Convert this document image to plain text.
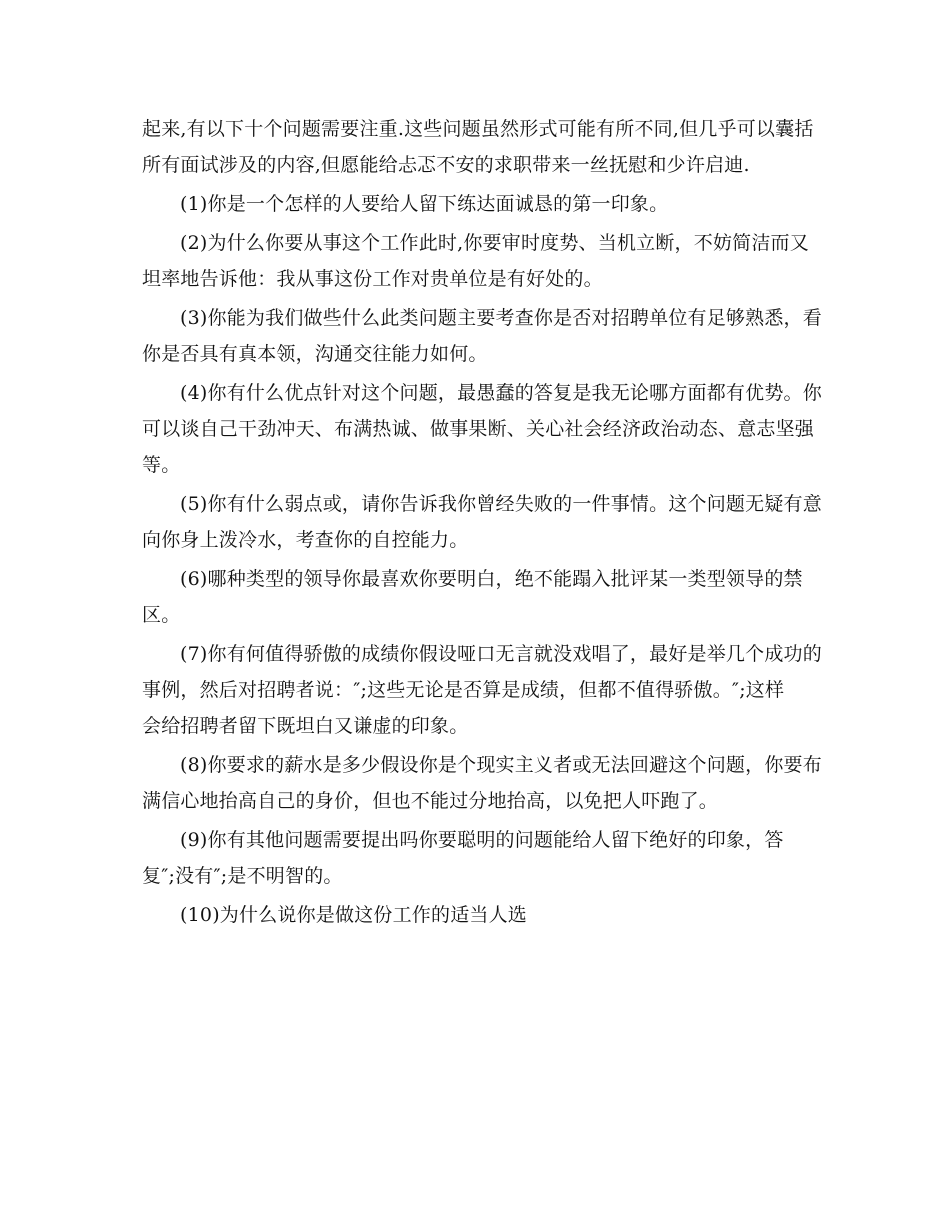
起来,有以下十个问题需要注重.这些问题虽然形式可能有所不同,但几乎可以囊括
所有面试涉及的内容,但愿能给忐忑不安的求职带来一丝抚慰和少许启迪.
(1)你是一个怎样的人要给人留下练达面诚恳的第一印象。
(2)为什么你要从事这个工作此时,你要审时度势、当机立断，不妨简洁而又
坦率地告诉他：我从事这份工作对贵单位是有好处的。
(3)你能为我们做些什么此类问题主要考查你是否对招聘单位有足够熟悉，看
你是否具有真本领，沟通交往能力如何。
(4)你有什么优点针对这个问题，最愚蠢的答复是我无论哪方面都有优势。你
可以谈自己干劲冲天、布满热诚、做事果断、关心社会经济政治动态、意志坚强
等。
(5)你有什么弱点或，请你告诉我你曾经失败的一件事情。这个问题无疑有意
向你身上泼冷水，考查你的自控能力。
(6)哪种类型的领导你最喜欢你要明白，绝不能蹋入批评某一类型领导的禁
区。
(7)你有何值得骄傲的成绩你假设哑口无言就没戏唱了，最好是举几个成功的
事例，然后对招聘者说：″;这些无论是否算是成绩，但都不值得骄傲。″;这样
会给招聘者留下既坦白又谦虚的印象。
(8)你要求的薪水是多少假设你是个现实主义者或无法回避这个问题，你要布
满信心地抬高自己的身价，但也不能过分地抬高，以免把人吓跑了。
(9)你有其他问题需要提出吗你要聪明的问题能给人留下绝好的印象，答
复″;没有″;是不明智的。
(10)为什么说你是做这份工作的适当人选
